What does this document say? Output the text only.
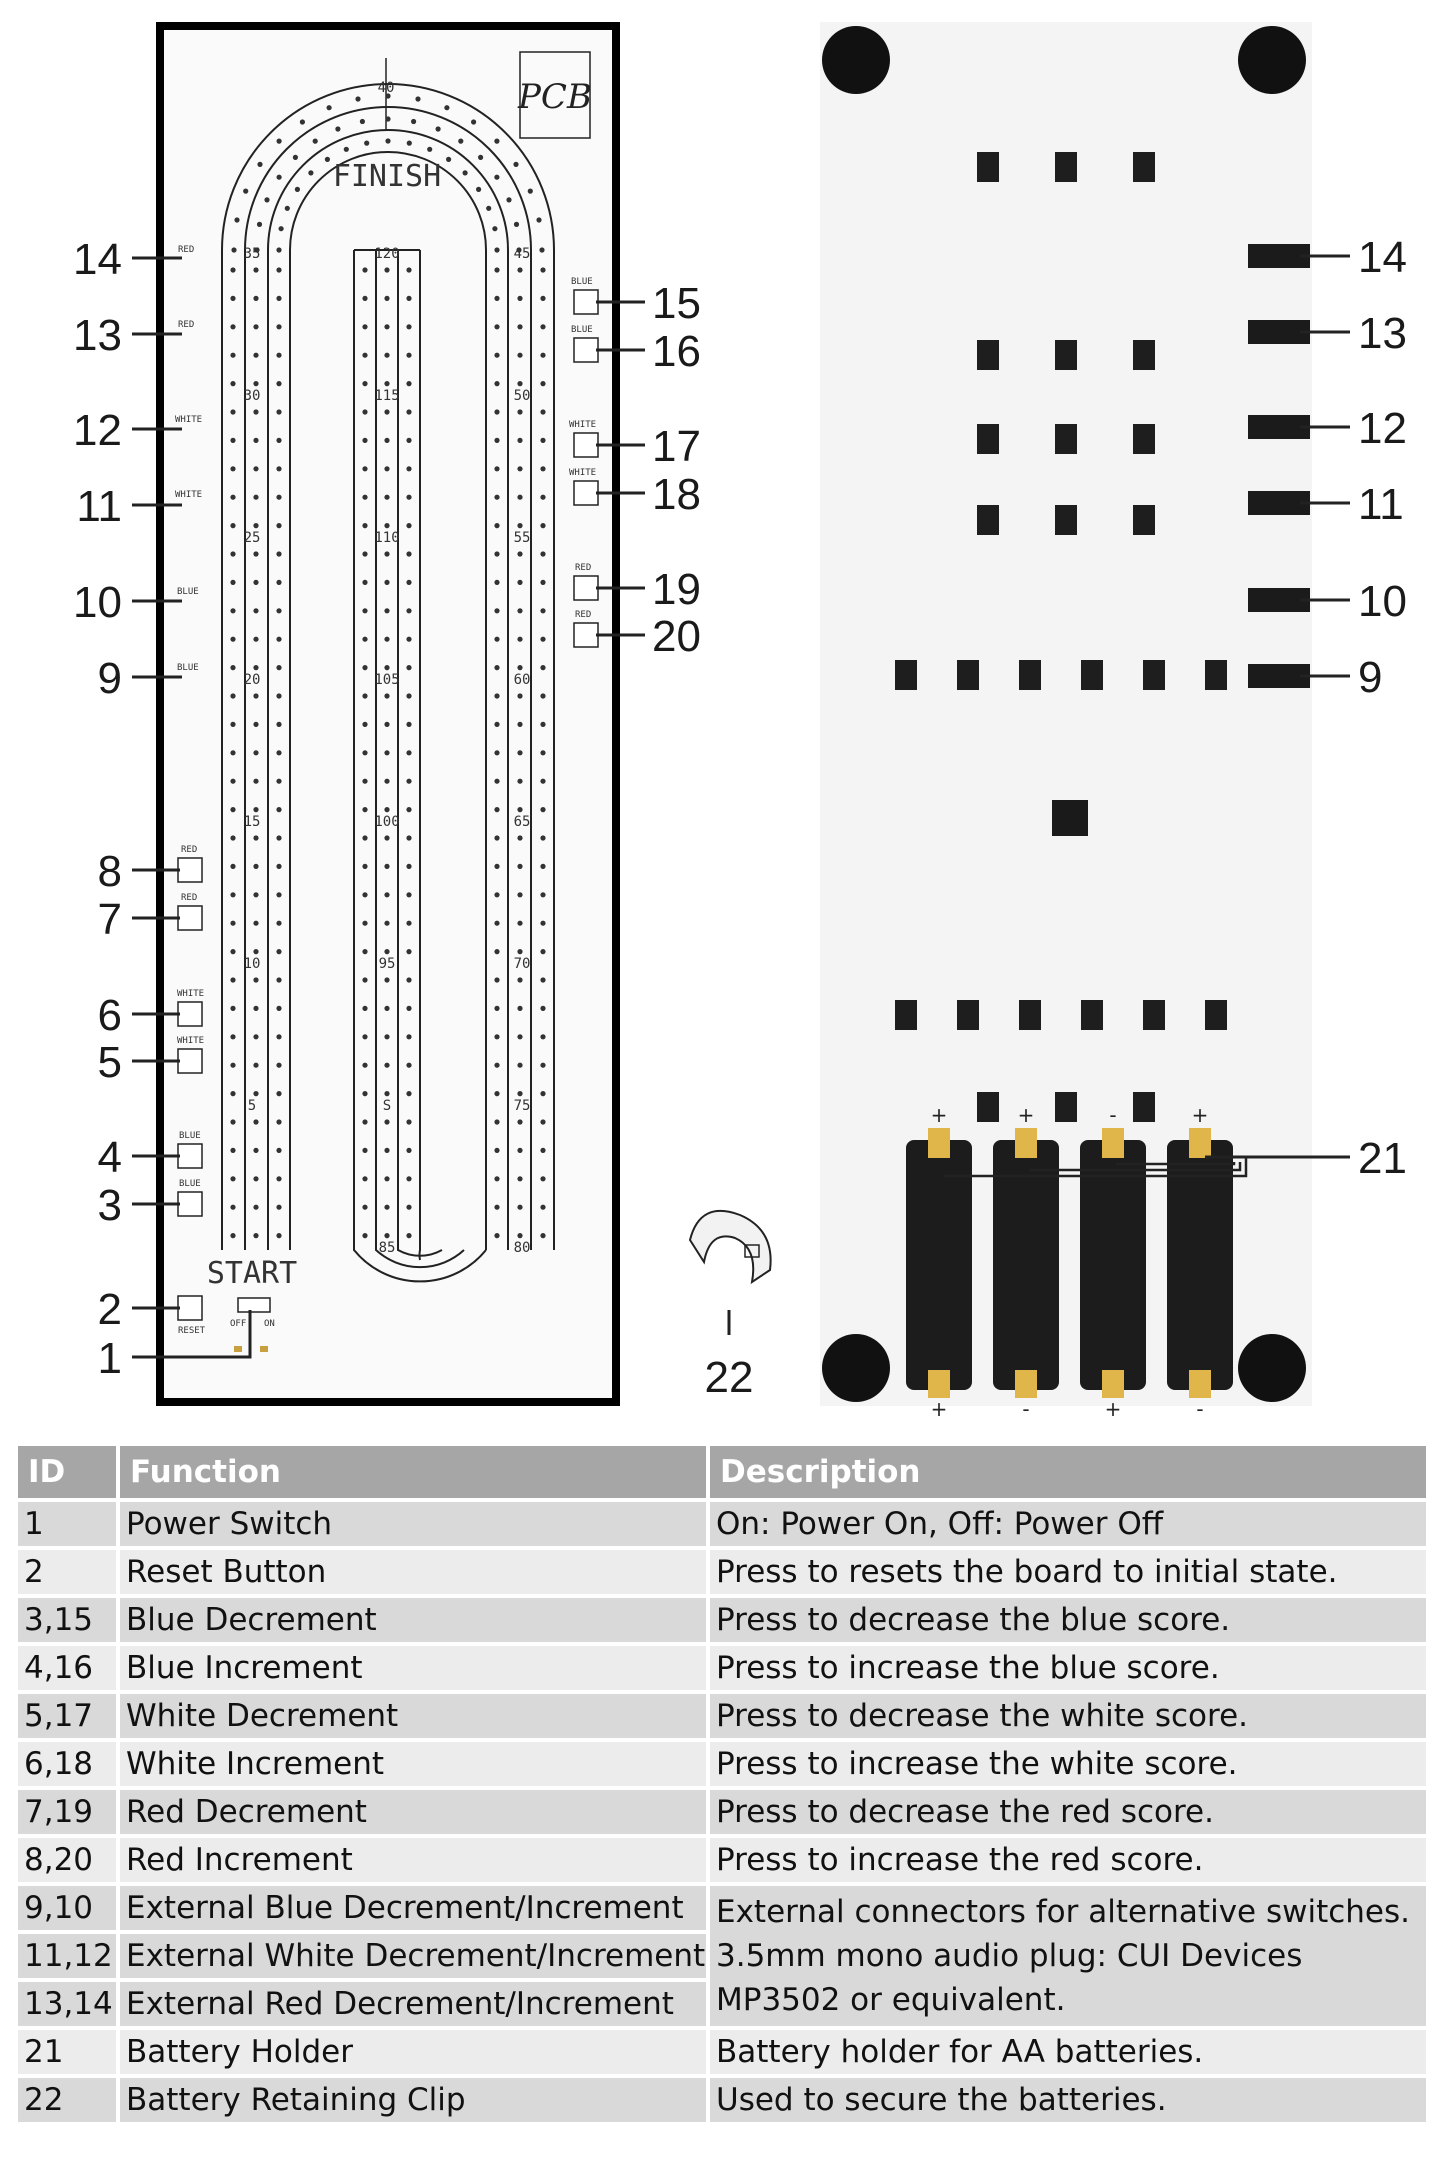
PCB
40
35
30
25
20
15
10
5
45
50
55
60
65
70
75
80
85
120
115
110
105
100
95
S
FINISH
START
RED
RED
WHITE
WHITE
BLUE
BLUE
RED
RED
WHITE
WHITE
BLUE
BLUE
RESET
OFF ON
BLUE
BLUE
WHITE
WHITE
RED
RED
14
13
12
11
10
9
8
7
6
5
4
3
2
1
15
16
17
18
19
20
22
+	+	-	+
+	-	+	-
14
13
12
11
10
9
21
ID	Function	Description
1	Power Switch	On: Power On, Off: Power Off
2	Reset Button	Press to resets the board to initial state.
3,15	Blue Decrement	Press to decrease the blue score.
4,16	Blue Increment	Press to increase the blue score.
5,17	White Decrement	Press to decrease the white score.
6,18	White Increment	Press to increase the white score.
7,19	Red Decrement	Press to decrease the red score.
8,20	Red Increment	Press to increase the red score.
9,10	External Blue Decrement/Increment	External connectors for alternative switches. 3.5mm mono audio plug: CUI Devices MP3502 or equivalent.
11,12	External White Decrement/Increment	
13,14	External Red Decrement/Increment	
21	Battery Holder	Battery holder for AA batteries.
22	Battery Retaining Clip	Used to secure the batteries.
